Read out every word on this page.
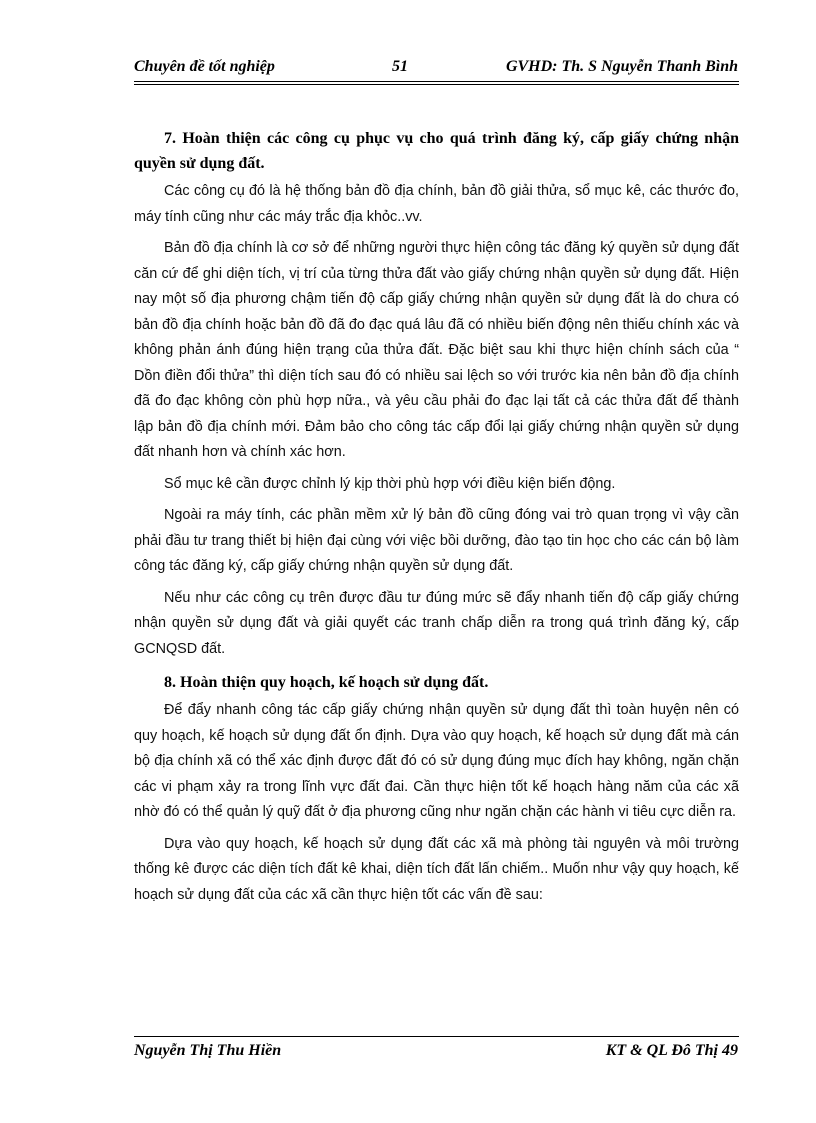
Chuyên đề tốt nghiệp	51	GVHD: Th. S Nguyễn Thanh Bình

7. Hoàn thiện các công cụ phục vụ cho quá trình đăng ký, cấp giấy chứng nhận quyền sử dụng đất.

Các công cụ đó là hệ thống bản đồ địa chính, bản đồ giải thửa, sổ mục kê, các thước đo, máy tính cũng như các máy trắc địa khỏc..vv.

Bản đồ địa chính là cơ sở để những người thực hiện công tác đăng ký quyền sử dụng đất căn cứ để ghi diện tích, vị trí của từng thửa đất vào giấy chứng nhận quyền sử dụng đất. Hiện nay một số địa phương chậm tiến độ cấp giấy chứng nhận quyền sử dụng đất là do chưa có bản đồ địa chính hoặc bản đồ đã đo đạc quá lâu đã có nhiều biến động nên thiếu chính xác và không phản ánh đúng hiện trạng của thửa đất. Đặc biệt sau khi thực hiện chính sách của “ Dồn điền đổi thửa” thì diện tích sau đó có nhiều sai lệch so với trước kia nên bản đồ địa chính đã đo đạc không còn phù hợp nữa., và yêu cầu phải đo đạc lại tất cả các thửa đất để thành lập bản đồ địa chính mới. Đảm bảo cho công tác cấp đổi lại giấy chứng nhận quyền sử dụng đất nhanh hơn và chính xác hơn.

Sổ mục kê cần được chỉnh lý kịp thời phù hợp với điều kiện biến động.

Ngoài ra máy tính, các phần mềm xử lý bản đồ cũng đóng vai trò quan trọng vì vậy cần phải đầu tư trang thiết bị hiện đại cùng với việc bồi dưỡng, đào tạo tin học cho các cán bộ làm công tác đăng ký, cấp giấy chứng nhận quyền sử dụng đất.

Nếu như các công cụ trên được đầu tư đúng mức sẽ đẩy nhanh tiến độ cấp giấy chứng nhận quyền sử dụng đất và giải quyết các tranh chấp diễn ra trong quá trình đăng ký, cấp GCNQSD đất.

8. Hoàn thiện quy hoạch, kế hoạch sử dụng đất.

Để đẩy nhanh công tác cấp giấy chứng nhận quyền sử dụng đất thì toàn huyện nên có quy hoạch, kế hoạch sử dụng đất ổn định. Dựa vào quy hoạch, kế hoạch sử dụng đất mà cán bộ địa chính xã có thể xác định được đất đó có sử dụng đúng mục đích hay không, ngăn chặn các vi phạm xảy ra trong lĩnh vực đất đai. Cần thực hiện tốt kế hoạch hàng năm của các xã nhờ đó có thể quản lý quỹ đất ở địa phương cũng như ngăn chặn các hành vi tiêu cực diễn ra.

Dựa vào quy hoạch, kế hoạch sử dụng đất các xã mà phòng tài nguyên và môi trường thống kê được các diện tích đất kê khai, diện tích đất lấn chiếm.. Muốn như vậy quy hoạch, kế hoạch sử dụng đất của các xã cần thực hiện tốt các vấn đề sau:

Nguyễn Thị Thu Hiền	KT & QL Đô Thị 49
